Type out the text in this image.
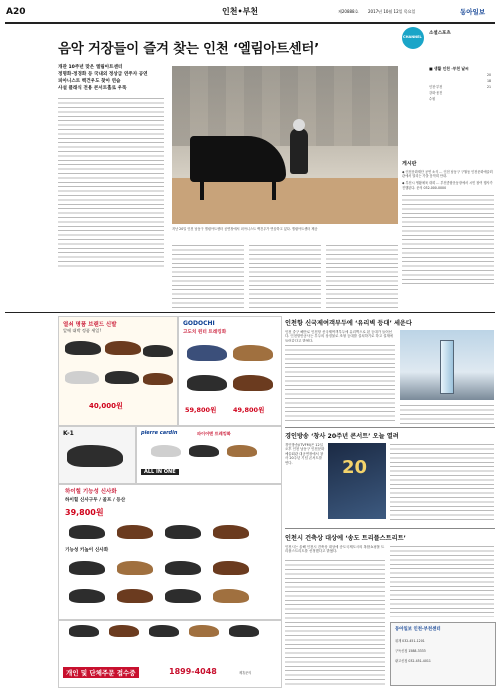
A20	인천•부천	제20888호 2017년 10월 12일 목요일	동아일보
음악 거장들이 즐겨 찾는 인천 ‘엘림아트센터’
CHANNEL
소셜스포츠
■ 생활 인천 ·부천 날씨
인천·부천
20
강화·옹진
18
수원
21
개관 10주년 맞은 엘림아트센터
정명화·정경화 등 국내외 정상급 연주자 공연
피아니스트 백건우도 찾아 연습
사설 클래식 전용 콘서트홀로 우뚝
지난 20일 인천 남동구 엘림아트센터 공연장에서 피아니스트 백건우가 연습하고 있다. 엘림아트센터 제공
게시판
◆ 인천문화재단 공연 소식 … 인천 남동구 구월동 인천문화예술회관에서 열리는 가을 음악회 안내.
◆ 부천시 생활체육 대회 … 부천종합운동장에서 시민 참여 행사가 진행된다. 문의 032-000-0000
열쇠 명품 브랜드 신발
앞에 대박 정품 세일!
40,000원
GODOCHI
고도치 윈터 트레킹화
59,800원	49,800원
K-1	pierre cardin	파이어맨 트레킹화
ALL IN ONE
하이힐 기능성 신사화
하이힐 신사구두 / 골프 / 등산
39,800원
기능성 키높이 신사화
개인 및 단체주문 접수중	1899-4048	제휴문의
인천항 신국제여객부두에 ‘유리벽 등대’ 세운다
인천 중구 해안로 인천항 신국제여객부두에 유리벽으로 된 등대가 들어선다. 인천항만공사는 부두의 상징물로 조형 등대를 설치하기로 하고 설계에 들어갔다고 밝혔다.
경인방송 ‘창사 20주년 콘서트’ 오늘 열려
경인방송(iTVFM)은 12일 오후 인천 남동구 인천문화예술회관 대공연장에서 창사 20주년 기념 콘서트를 연다.	20
인천시 건축상 대상에 ‘송도 트리플스트리트’
인천시는 올해 인천시 건축상 대상에 송도국제도시의 복합쇼핑몰 트리플스트리트를 선정했다고 밝혔다.
동아일보 인천·부천센터
취재 032-451-1201
구독신청 1588-3333
광고신청 032-451-4011
